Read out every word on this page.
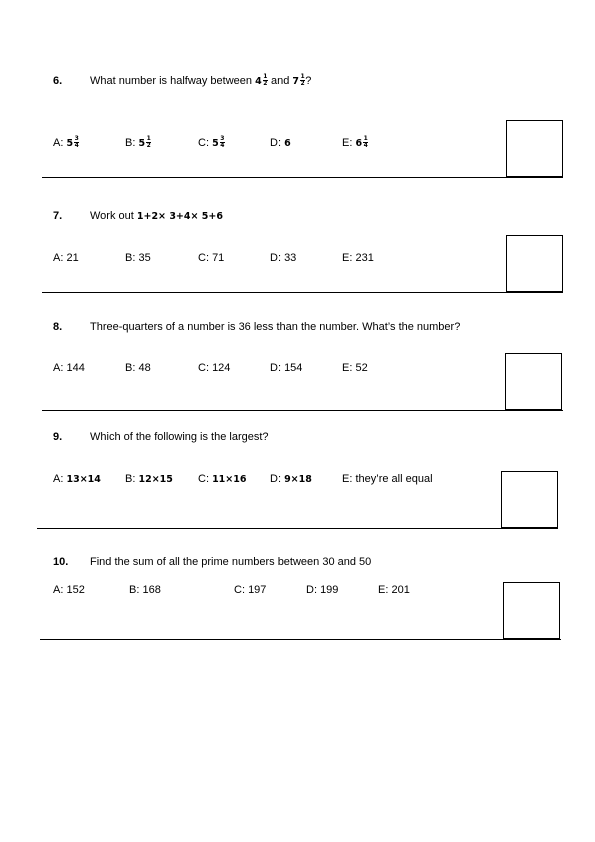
6.	What number is halfway between $4 \frac{1}{2}$ and $7 \frac{1}{2}$ ?
A: $5 \frac{3}{4}$	B: $5 \frac{1}{2}$	C: $5 \frac{3}{4}$	D: 6	E: $6 \frac{1}{4}$
7.	Work out 1+2× 3+4× 5+6
A: 21	B: 35	C: 71	D: 33	E: 231
8.	Three-quarters of a number is 36 less than the number. What’s the number?
A: 144	B: 48	C: 124	D: 154	E: 52
9.	Which of the following is the largest?
A: 13×14 B: 12×15 C: 11×16 D: 9×18	E: they’re all equal
10. Find the sum of all the prime numbers between 30 and 50
A: 152	B: 168	C: 197	D: 199	E: 201
